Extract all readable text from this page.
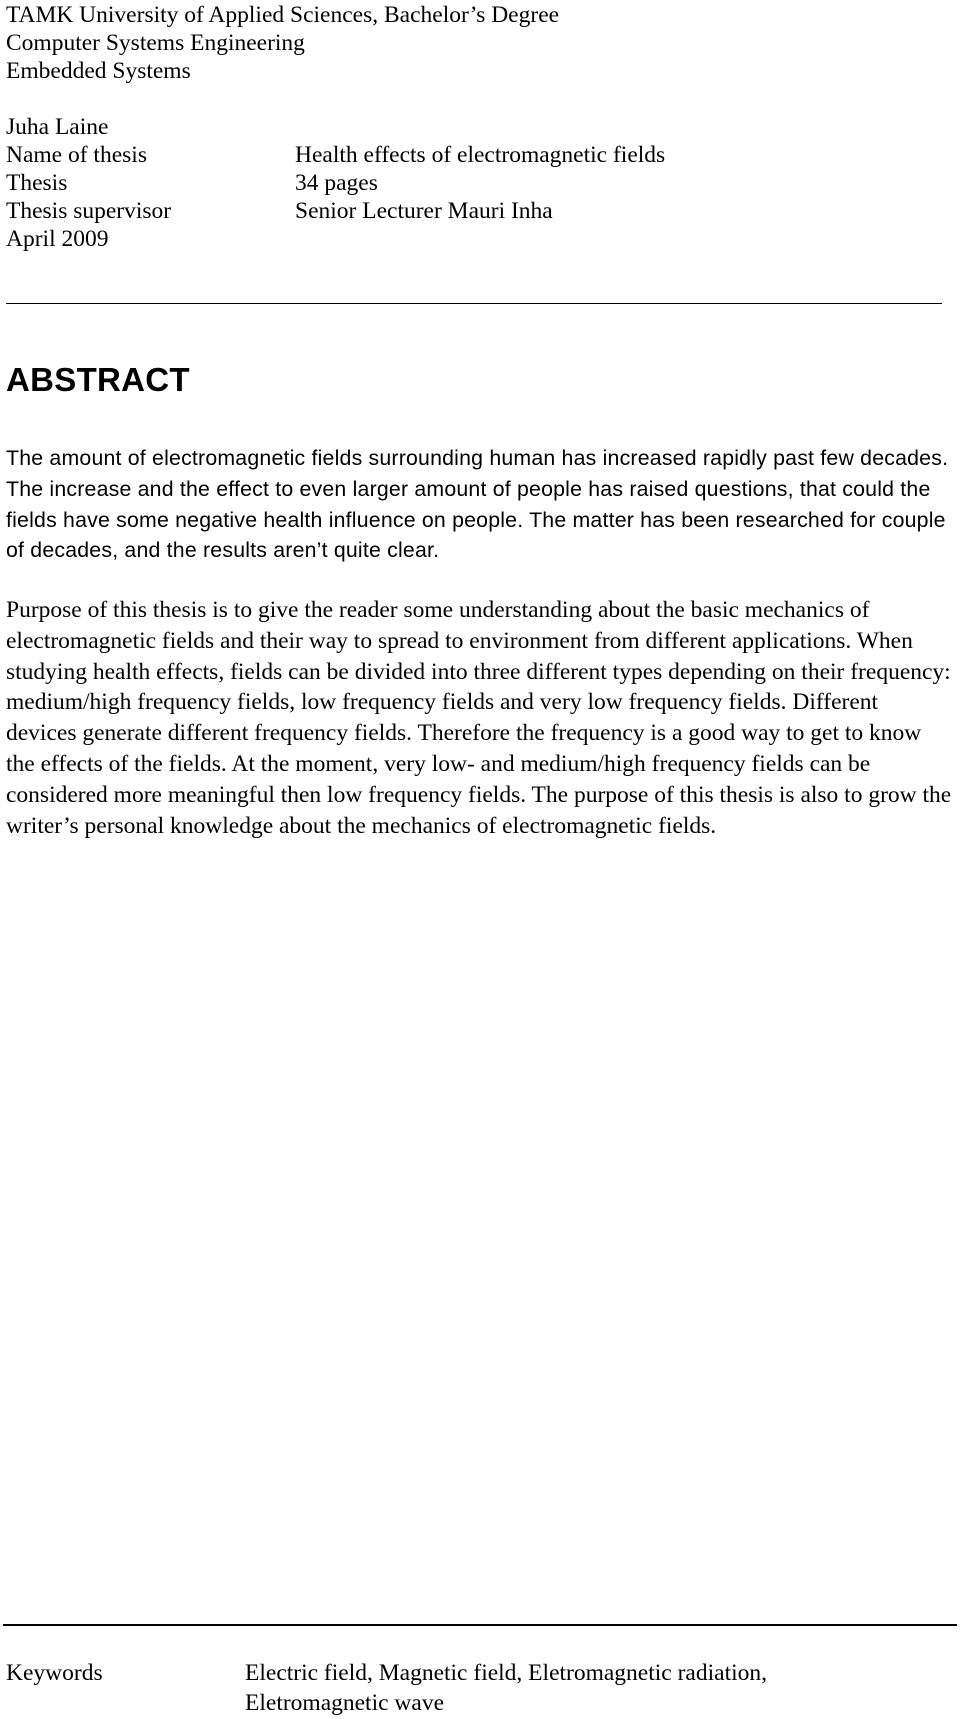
TAMK University of Applied Sciences, Bachelor’s Degree
Computer Systems Engineering
Embedded Systems
Juha Laine
Name of thesis	Health effects of electromagnetic fields
Thesis	34 pages
Thesis supervisor	Senior Lecturer Mauri Inha
April 2009
ABSTRACT

The amount of electromagnetic fields surrounding human has increased rapidly past few decades. The increase and the effect to even larger amount of people has raised questions, that could the fields have some negative health influence on people. The matter has been researched for couple of decades, and the results aren’t quite clear.

Purpose of this thesis is to give the reader some understanding about the basic mechanics of electromagnetic fields and their way to spread to environment from different applications. When studying health effects, fields can be divided into three different types depending on their frequency: medium/high frequency fields, low frequency fields and very low frequency fields. Different devices generate different frequency fields. Therefore the frequency is a good way to get to know the effects of the fields. At the moment, very low- and medium/high frequency fields can be considered more meaningful then low frequency fields. The purpose of this thesis is also to grow the writer’s personal knowledge about the mechanics of electromagnetic fields.

Keywords	Electric field, Magnetic field, Eletromagnetic radiation, Eletromagnetic wave
